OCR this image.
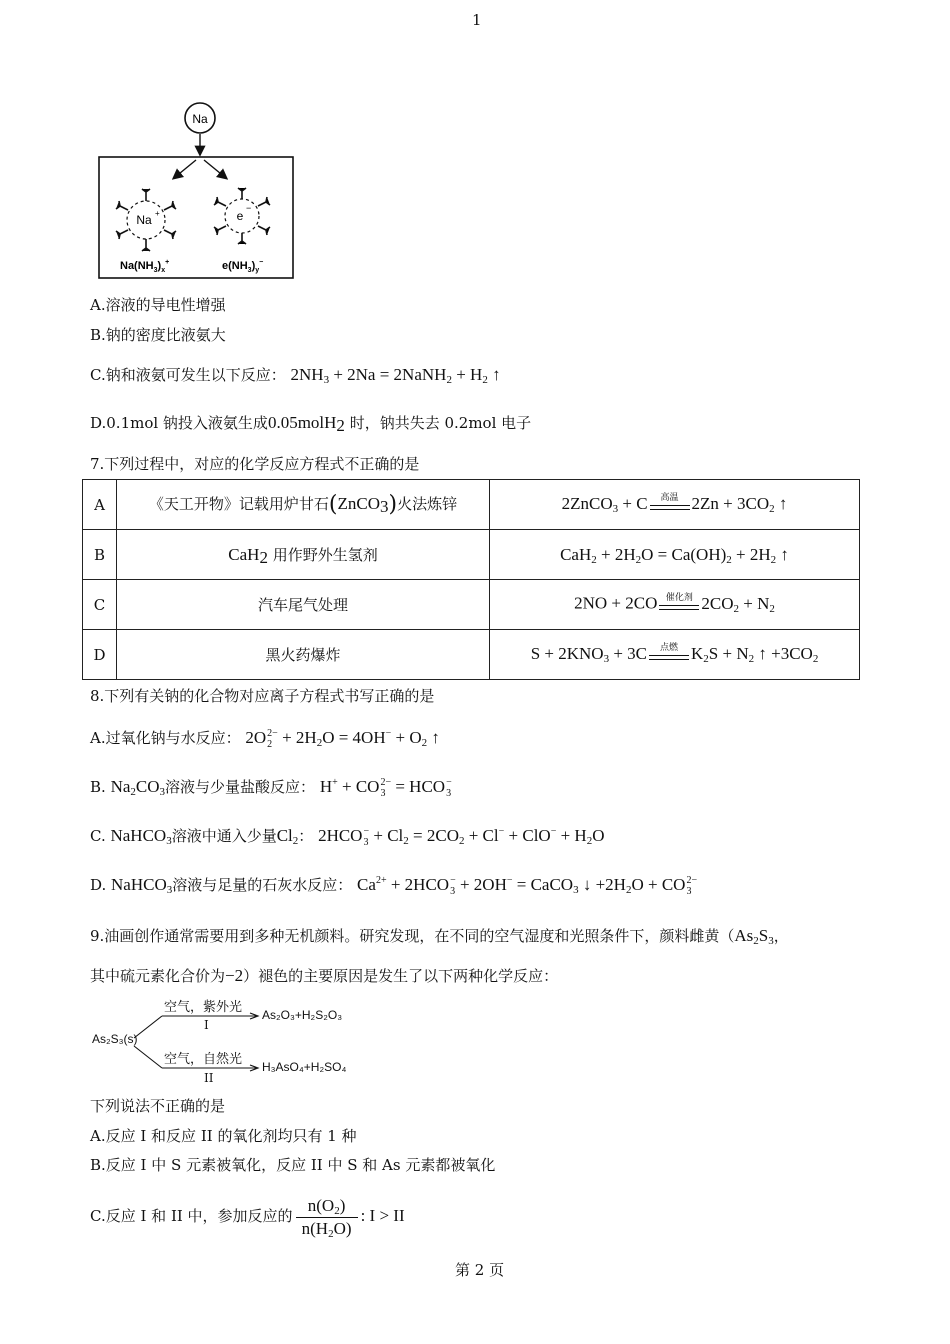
1
Na
Na +	e
−
$Na(NH_3)_x^+$	$e(NH_3)_y^-$
A.溶液的导电性增强
B.钠的密度比液氨大
C.钠和液氨可发生以下反应： $2NH_3 + 2Na$ = 2NaNH$_2$ + $H_2$ ↑
D.0.1mol 钠投入液氨生成0.05molH$_2$ 时，钠共失去 0.2mol 电子
7.下列过程中，对应的化学反应方程式不正确的是
A	《天工开物》记载用炉甘石(ZnCO$_3$)火法炼锌	2ZnCO$_3$ + C 高温 $2Zn + 3CO_2$ ↑
B	CaH$_2$ 用作野外生氢剂	$CaH_2 + 2H_2O = Ca(OH)_2 + 2H_2$ ↑
C	汽车尾气处理	2NO + 2CO 催化剂 $2CO_2 + N_2$
D	黑火药爆炸	$S + 2KNO_3 + 3C$ 点燃 $K_2S + N_2$ ↑ $+3CO_2$
8.下列有关钠的化合物对应离子方程式书写正确的是
A.过氧化钠与水反应： 2O 2−
$2 + 2H_2O = 4OH^- + O_2$ ↑
B. $Na_2CO_3$溶液与少量盐酸反应： H+ + CO 2−
3 = HCO −
3
C. NaHCO$_3$溶液中通入少量$Cl_2$： 2HCO −
$3 + Cl_2 = 2CO_2 + Cl^- + ClO^- + H_2O$
D. NaHCO$_3$溶液与足量的石灰水反应： $Ca^{2+} + 2HCO$ −
3 + 2OH− = CaCO$_3$ ↓ $+2H_2O$ + CO 2−
3
9.油画创作通常需要用到多种无机颜料。研究发现，在不同的空气湿度和光照条件下，颜料雌黄（$As_2S_3$，
其中硫元素化合价为−2）褪色的主要原因是发生了以下两种化学反应：
As₂S₃(s)
空气，紫外光
I
As₂O₃+H₂S₂O₃
空气，自然光
II
H₃AsO₄+H₂SO₄
下列说法不正确的是
A.反应 I 和反应 II 的氧化剂均只有 1 种
B.反应 I 中 S 元素被氧化，反应 II 中 S 和 As 元素都被氧化
C.反应 I 和 II 中，参加反应的 $\frac{n(O_2)}{n(H_2O)}$ : I > II
第 2 页
